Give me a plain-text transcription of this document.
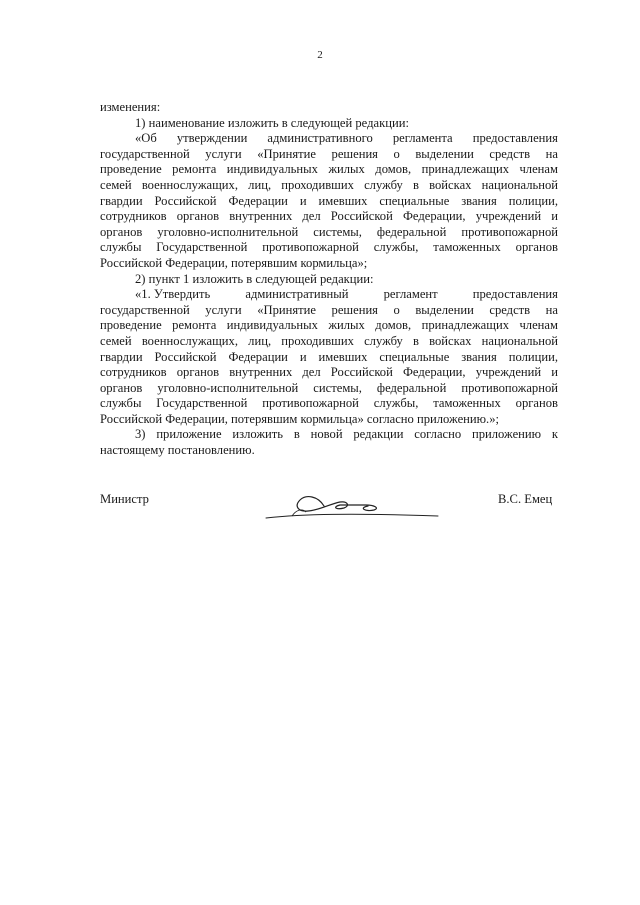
2
изменения:
1) наименование изложить в следующей редакции:
«Об утверждении административного регламента предоставления
государственной услуги «Принятие решения о выделении средств на
проведение ремонта индивидуальных жилых домов, принадлежащих членам
семей военнослужащих, лиц, проходивших службу в войсках национальной
гвардии Российской Федерации и имевших специальные звания полиции,
сотрудников органов внутренних дел Российской Федерации, учреждений и
органов уголовно-исполнительной системы, федеральной противопожарной
службы Государственной противопожарной службы, таможенных органов
Российской Федерации, потерявшим кормильца»;
2) пункт 1 изложить в следующей редакции:
«1. Утвердить	административный	регламент	предоставления
государственной услуги «Принятие решения о выделении средств на
проведение ремонта индивидуальных жилых домов, принадлежащих членам
семей военнослужащих, лиц, проходивших службу в войсках национальной
гвардии Российской Федерации и имевших специальные звания полиции,
сотрудников органов внутренних дел Российской Федерации, учреждений и
органов уголовно-исполнительной системы, федеральной противопожарной
службы Государственной противопожарной службы, таможенных органов
Российской Федерации, потерявшим кормильца» согласно приложению.»;
3) приложение изложить в новой редакции согласно приложению к
настоящему постановлению.
Министр	В.С. Емец
